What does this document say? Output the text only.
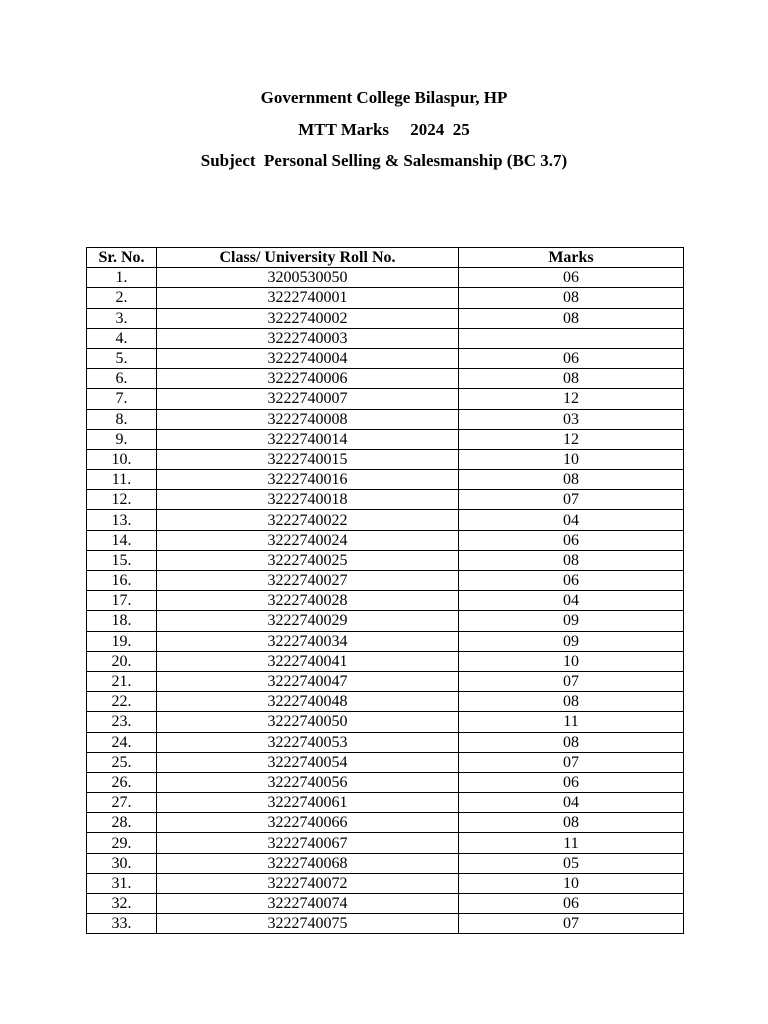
Government College Bilaspur, HP
MTT Marks     2024  25
Subject  Personal Selling & Salesmanship (BC 3.7)
Sr. No.	Class/ University Roll No.	Marks
1.	3200530050	06
2.	3222740001	08
3.	3222740002	08
4.	3222740003	
5.	3222740004	06
6.	3222740006	08
7.	3222740007	12
8.	3222740008	03
9.	3222740014	12
10.	3222740015	10
11.	3222740016	08
12.	3222740018	07
13.	3222740022	04
14.	3222740024	06
15.	3222740025	08
16.	3222740027	06
17.	3222740028	04
18.	3222740029	09
19.	3222740034	09
20.	3222740041	10
21.	3222740047	07
22.	3222740048	08
23.	3222740050	11
24.	3222740053	08
25.	3222740054	07
26.	3222740056	06
27.	3222740061	04
28.	3222740066	08
29.	3222740067	11
30.	3222740068	05
31.	3222740072	10
32.	3222740074	06
33.	3222740075	07
